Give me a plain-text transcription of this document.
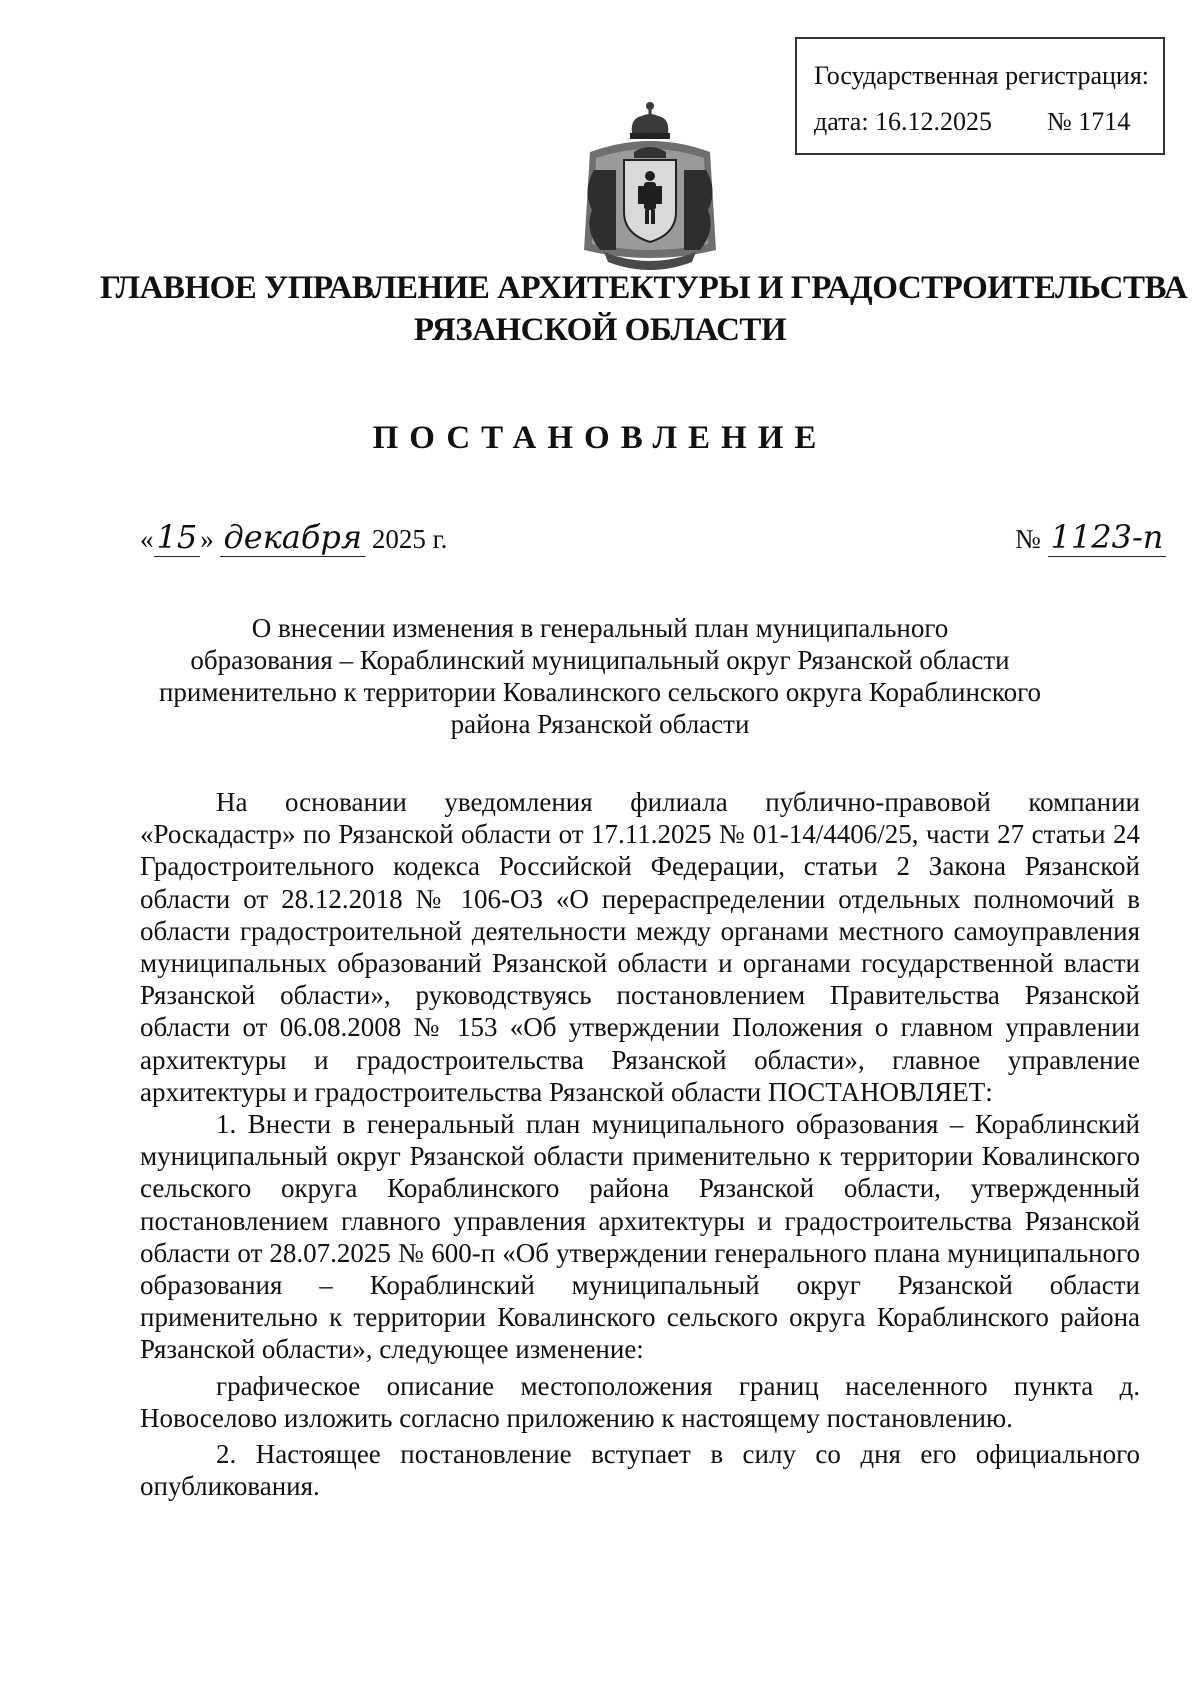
Государственная регистрация:
дата: 16.12.2025 № 1714
ГЛАВНОЕ УПРАВЛЕНИЕ АРХИТЕКТУРЫ И ГРАДОСТРОИТЕЛЬСТВА
РЯЗАНСКОЙ ОБЛАСТИ
ПОСТАНОВЛЕНИЕ
«15 » декабря 2025 г.	№ 1123-п
О внесении изменения в генеральный план муниципального
образования – Кораблинский муниципальный округ Рязанской области
применительно к территории Ковалинского сельского округа Кораблинского
района Рязанской области

На основании уведомления филиала публично-правовой компании «Роскадастр» по Рязанской области от 17.11.2025 № 01-14/4406/25, части 27 статьи 24 Градостроительного кодекса Российской Федерации, статьи 2 Закона Рязанской области от 28.12.2018 № 106-ОЗ «О перераспределении отдельных полномочий в области градостроительной деятельности между органами местного самоуправления муниципальных образований Рязанской области и органами государственной власти Рязанской области», руководствуясь постановлением Правительства Рязанской области от 06.08.2008 № 153 «Об утверждении Положения о главном управлении архитектуры и градостроительства Рязанской области», главное управление архитектуры и градостроительства Рязанской области ПОСТАНОВЛЯЕТ:

1. Внести в генеральный план муниципального образования – Кораблинский муниципальный округ Рязанской области применительно к территории Ковалинского сельского округа Кораблинского района Рязанской области, утвержденный постановлением главного управления архитектуры и градостроительства Рязанской области от 28.07.2025 № 600-п «Об утверждении генерального плана муниципального образования – Кораблинский муниципальный округ Рязанской области применительно к территории Ковалинского сельского округа Кораблинского района Рязанской области», следующее изменение:

графическое описание местоположения границ населенного пункта д. Новоселово изложить согласно приложению к настоящему постановлению.

2. Настоящее постановление вступает в силу со дня его официального опубликования.
